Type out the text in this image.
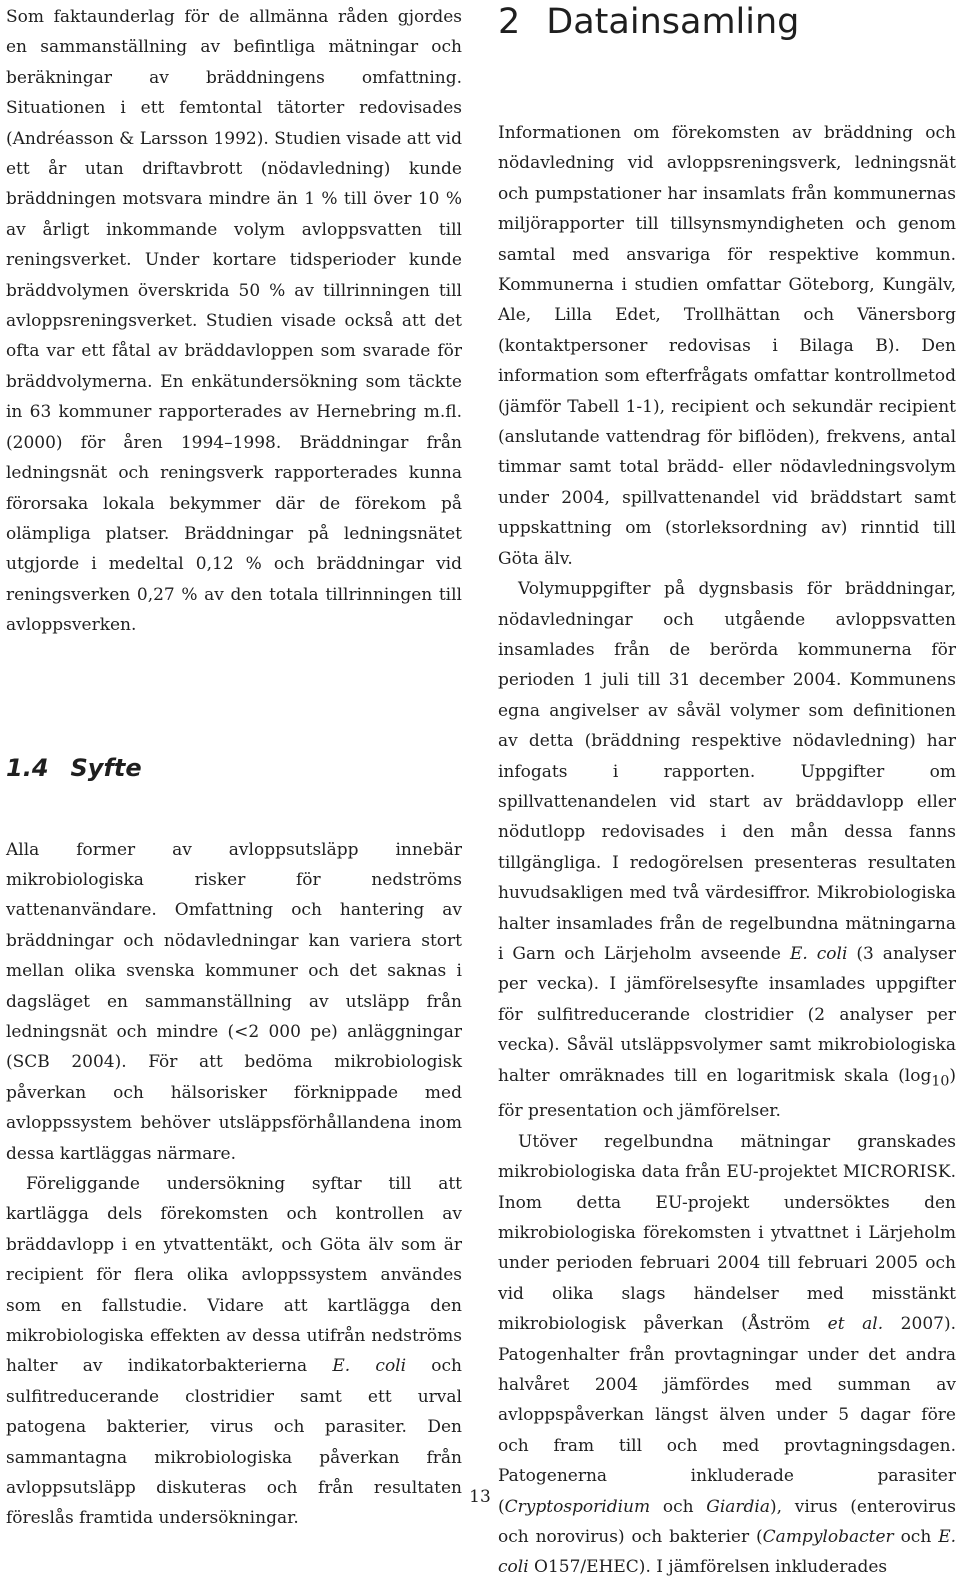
Som faktaunderlag för de allmänna råden gjordes en sammanställning av befintliga mätningar och beräkningar av bräddningens omfattning. Situationen i ett femtontal tätorter redovisades (Andréasson & Larsson 1992). Studien visade att vid ett år utan driftavbrott (nödavledning) kunde bräddningen motsvara mindre än 1 % till över 10 % av årligt inkommande volym avloppsvatten till reningsverket. Under kortare tidsperioder kunde bräddvolymen överskrida 50 % av tillrinningen till avloppsreningsverket. Studien visade också att det ofta var ett fåtal av bräddavloppen som svarade för bräddvolymerna. En enkätundersökning som täckte in 63 kommuner rapporterades av Hernebring m.fl. (2000) för åren 1994–1998. Bräddningar från ledningsnät och reningsverk rapporterades kunna förorsaka lokala bekymmer där de förekom på olämpliga platser. Bräddningar på ledningsnätet utgjorde i medeltal 0,12 % och bräddningar vid reningsverken 0,27 % av den totala tillrinningen till avloppsverken.

1.4 Syfte

Alla former av avloppsutsläpp innebär mikrobiologiska risker för nedströms vattenanvändare. Omfattning och hantering av bräddningar och nödavledningar kan variera stort mellan olika svenska kommuner och det saknas i dagsläget en sammanställning av utsläpp från ledningsnät och mindre (<2 000 pe) anläggningar (SCB 2004). För att bedöma mikrobiologisk påverkan och hälsorisker förknippade med avloppssystem behöver utsläppsförhållandena inom dessa kartläggas närmare.

Föreliggande undersökning syftar till att kartlägga dels förekomsten och kontrollen av bräddavlopp i en ytvattentäkt, och Göta älv som är recipient för flera olika avloppssystem användes som en fallstudie. Vidare att kartlägga den mikrobiologiska effekten av dessa utifrån nedströms halter av indikatorbakterierna E. coli och sulfitreducerande clostridier samt ett urval patogena bakterier, virus och parasiter. Den sammantagna mikrobiologiska påverkan från avloppsutsläpp diskuteras och från resultaten föreslås framtida undersökningar.

2 Datainsamling

Informationen om förekomsten av bräddning och nödavledning vid avloppsreningsverk, ledningsnät och pumpstationer har insamlats från kommunernas miljörapporter till tillsynsmyndigheten och genom samtal med ansvariga för respektive kommun. Kommunerna i studien omfattar Göteborg, Kungälv, Ale, Lilla Edet, Trollhättan och Vänersborg (kontaktpersoner redovisas i Bilaga B). Den information som efterfrågats omfattar kontrollmetod (jämför Tabell 1-1), recipient och sekundär recipient (anslutande vattendrag för biflöden), frekvens, antal timmar samt total brädd- eller nödavledningsvolym under 2004, spillvattenandel vid bräddstart samt uppskattning om (storleksordning av) rinntid till Göta älv.

Volymuppgifter på dygnsbasis för bräddningar, nödavledningar och utgående avloppsvatten insamlades från de berörda kommunerna för perioden 1 juli till 31 december 2004. Kommunens egna angivelser av såväl volymer som definitionen av detta (bräddning respektive nödavledning) har infogats i rapporten. Uppgifter om spillvattenandelen vid start av bräddavlopp eller nödutlopp redovisades i den mån dessa fanns tillgängliga. I redogörelsen presenteras resultaten huvudsakligen med två värdesiffror. Mikrobiologiska halter insamlades från de regelbundna mätningarna i Garn och Lärjeholm avseende E. coli (3 analyser per vecka). I jämförelsesyfte insamlades uppgifter för sulfitreducerande clostridier (2 analyser per vecka). Såväl utsläppsvolymer samt mikrobiologiska halter omräknades till en logaritmisk skala $(\log_{10})$ för presentation och jämförelser.

Utöver regelbundna mätningar granskades mikrobiologiska data från EU-projektet MICRORISK. Inom detta EU-projekt undersöktes den mikrobiologiska förekomsten i ytvattnet i Lärjeholm under perioden februari 2004 till februari 2005 och vid olika slags händelser med misstänkt mikrobiologisk påverkan (Åström et al. 2007). Patogenhalter från provtagningar under det andra halvåret 2004 jämfördes med summan av avloppspåverkan längst älven under 5 dagar före och fram till och med provtagningsdagen. Patogenerna inkluderade parasiter (Cryptosporidium och Giardia), virus (enterovirus och norovirus) och bakterier (Campylobacter och E. coli O157/EHEC). I jämförelsen inkluderades

13
